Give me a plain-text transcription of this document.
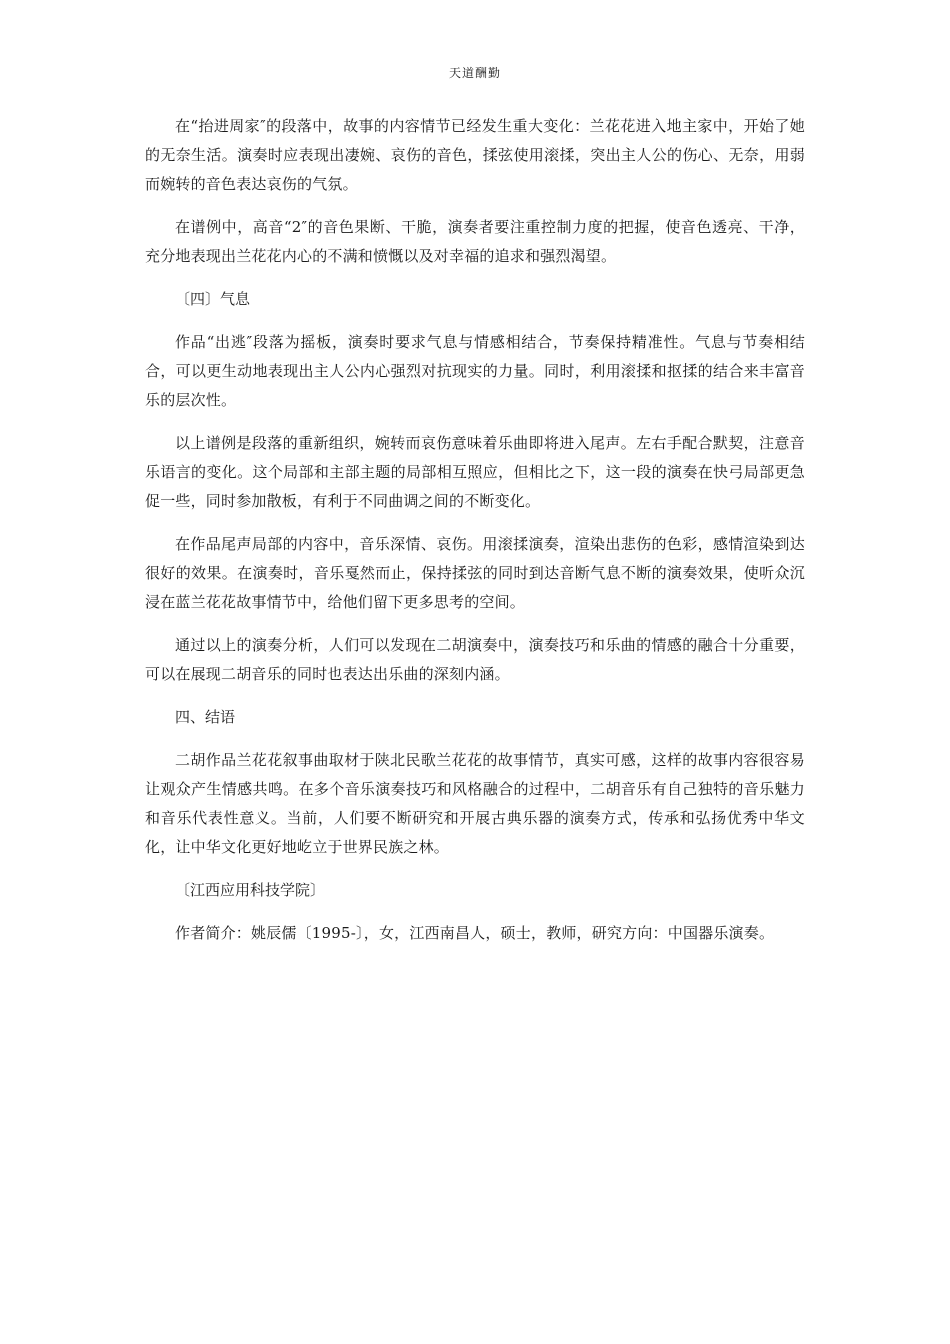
天道酬勤

在“抬进周家″的段落中，故事的内容情节已经发生重大变化：兰花花进入地主家中，开始了她的无奈生活。演奏时应表现出凄婉、哀伤的音色，揉弦使用滚揉，突出主人公的伤心、无奈，用弱而婉转的音色表达哀伤的气氛。

在谱例中，高音“2″的音色果断、干脆，演奏者要注重控制力度的把握，使音色透亮、干净，充分地表现出兰花花内心的不满和愤慨以及对幸福的追求和强烈渴望。

〔四〕气息

作品“出逃″段落为摇板，演奏时要求气息与情感相结合，节奏保持精准性。气息与节奏相结合，可以更生动地表现出主人公内心强烈对抗现实的力量。同时，利用滚揉和抠揉的结合来丰富音乐的层次性。

以上谱例是段落的重新组织，婉转而哀伤意味着乐曲即将进入尾声。左右手配合默契，注意音乐语言的变化。这个局部和主部主题的局部相互照应，但相比之下，这一段的演奏在快弓局部更急促一些，同时参加散板，有利于不同曲调之间的不断变化。

在作品尾声局部的内容中，音乐深情、哀伤。用滚揉演奏，渲染出悲伤的色彩，感情渲染到达很好的效果。在演奏时，音乐戛然而止，保持揉弦的同时到达音断气息不断的演奏效果，使听众沉浸在蓝兰花花故事情节中，给他们留下更多思考的空间。

通过以上的演奏分析，人们可以发现在二胡演奏中，演奏技巧和乐曲的情感的融合十分重要，可以在展现二胡音乐的同时也表达出乐曲的深刻内涵。

四、结语

二胡作品兰花花叙事曲取材于陕北民歌兰花花的故事情节，真实可感，这样的故事内容很容易让观众产生情感共鸣。在多个音乐演奏技巧和风格融合的过程中，二胡音乐有自己独特的音乐魅力和音乐代表性意义。当前，人们要不断研究和开展古典乐器的演奏方式，传承和弘扬优秀中华文化，让中华文化更好地屹立于世界民族之林。

〔江西应用科技学院〕

作者简介：姚辰儒〔1995-〕，女，江西南昌人，硕士，教师，研究方向：中国器乐演奏。
